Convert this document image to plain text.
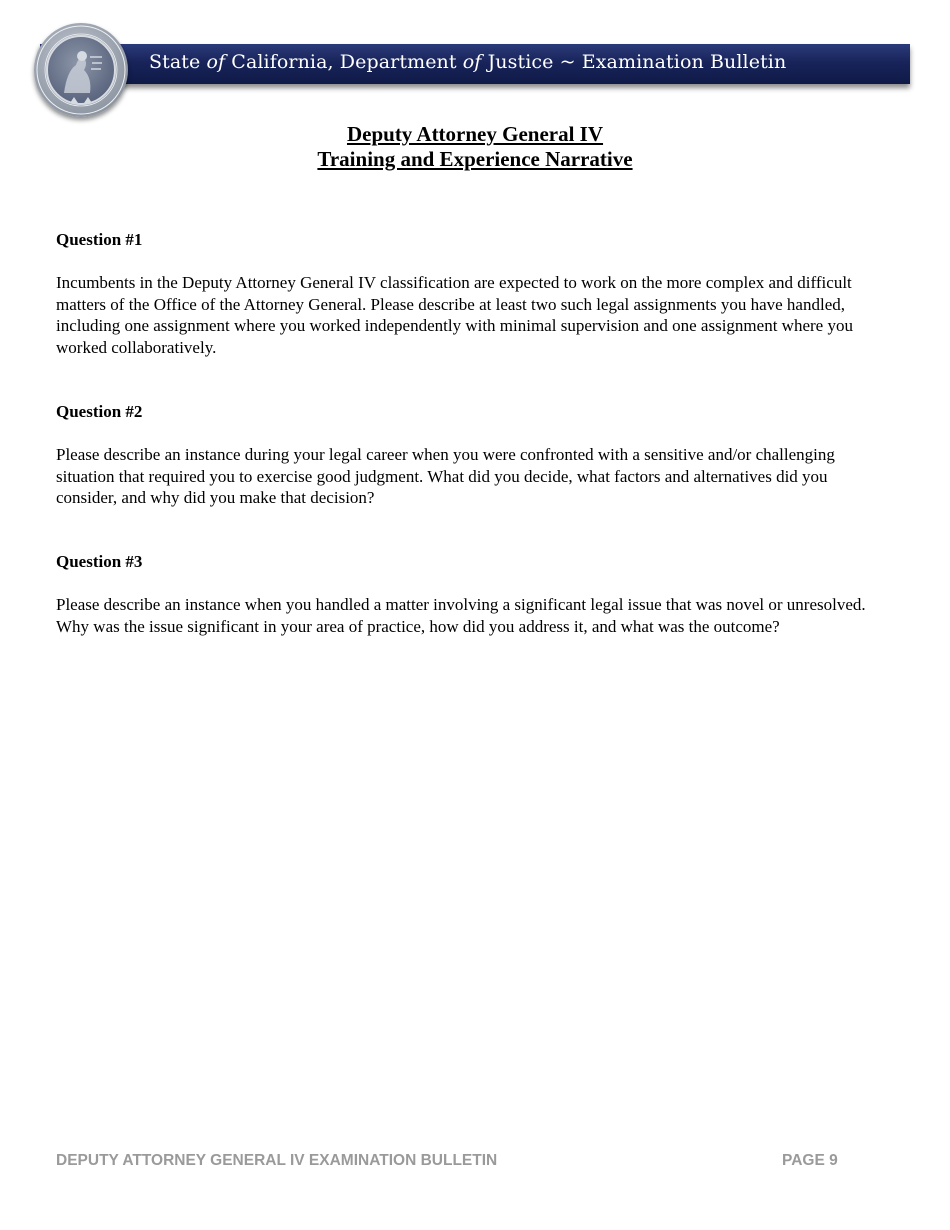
State of California, Department of Justice ~ Examination Bulletin
Deputy Attorney General IV
Training and Experience Narrative
Question #1
Incumbents in the Deputy Attorney General IV classification are expected to work on the more complex and difficult matters of the Office of the Attorney General. Please describe at least two such legal assignments you have handled, including one assignment where you worked independently with minimal supervision and one assignment where you worked collaboratively.
Question #2
Please describe an instance during your legal career when you were confronted with a sensitive and/or challenging situation that required you to exercise good judgment. What did you decide, what factors and alternatives did you consider, and why did you make that decision?
Question #3
Please describe an instance when you handled a matter involving a significant legal issue that was novel or unresolved. Why was the issue significant in your area of practice, how did you address it, and what was the outcome?
DEPUTY ATTORNEY GENERAL IV EXAMINATION BULLETIN	PAGE 9
